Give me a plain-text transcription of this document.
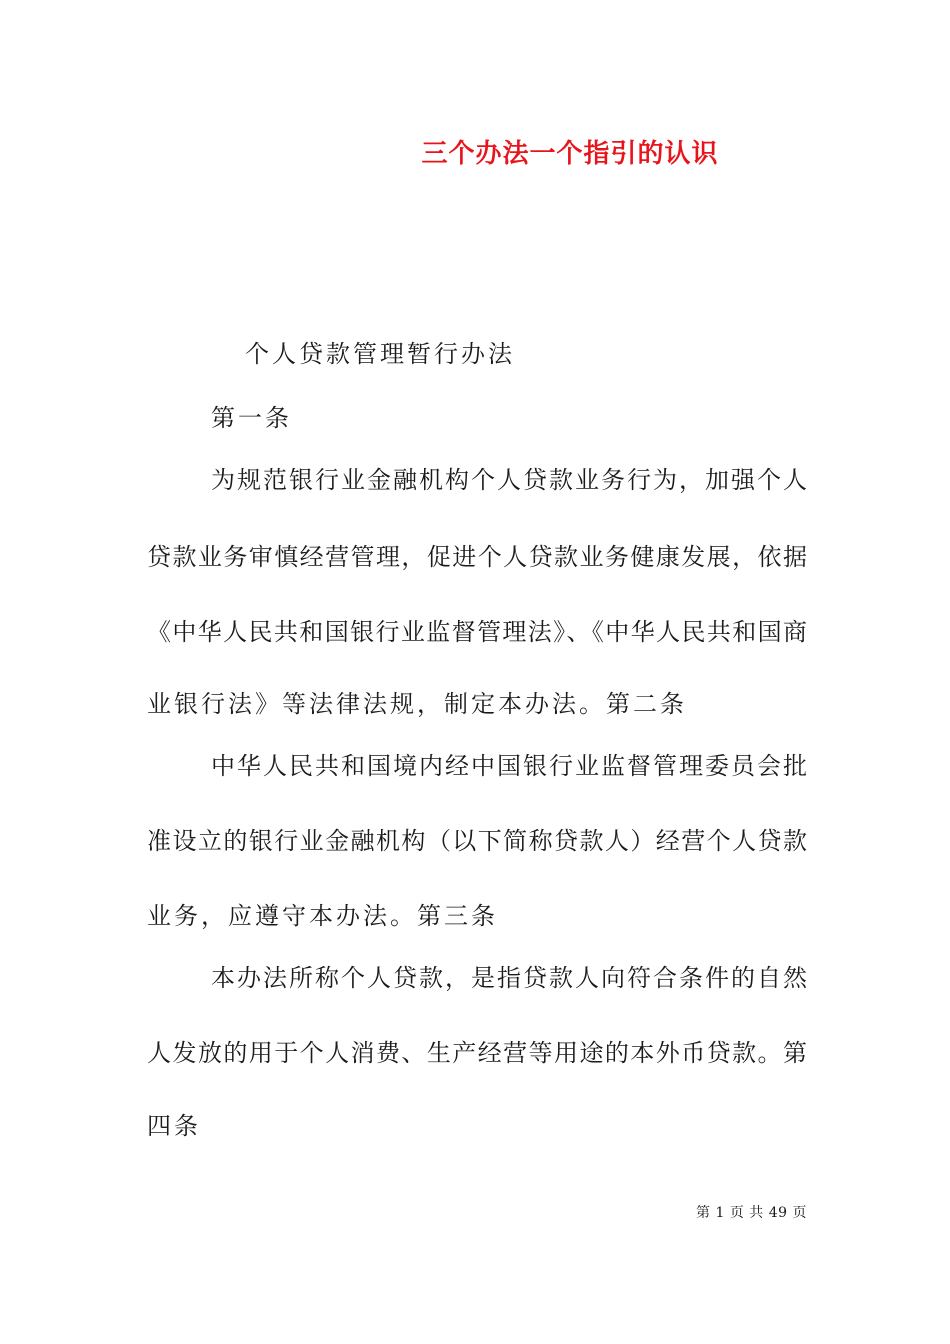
三个办法一个指引的认识
个人贷款管理暂行办法
第一条
为规范银行业金融机构个人贷款业务行为，加强个人
贷款业务审慎经营管理，促进个人贷款业务健康发展，依据
《中华人民共和国银行业监督管理法》、《中华人民共和国商
业银行法》等法律法规，制定本办法。第二条
中华人民共和国境内经中国银行业监督管理委员会批
准设立的银行业金融机构（以下简称贷款人）经营个人贷款
业务，应遵守本办法。第三条
本办法所称个人贷款，是指贷款人向符合条件的自然
人发放的用于个人消费、生产经营等用途的本外币贷款。第
四条
第 1 页 共 49 页
